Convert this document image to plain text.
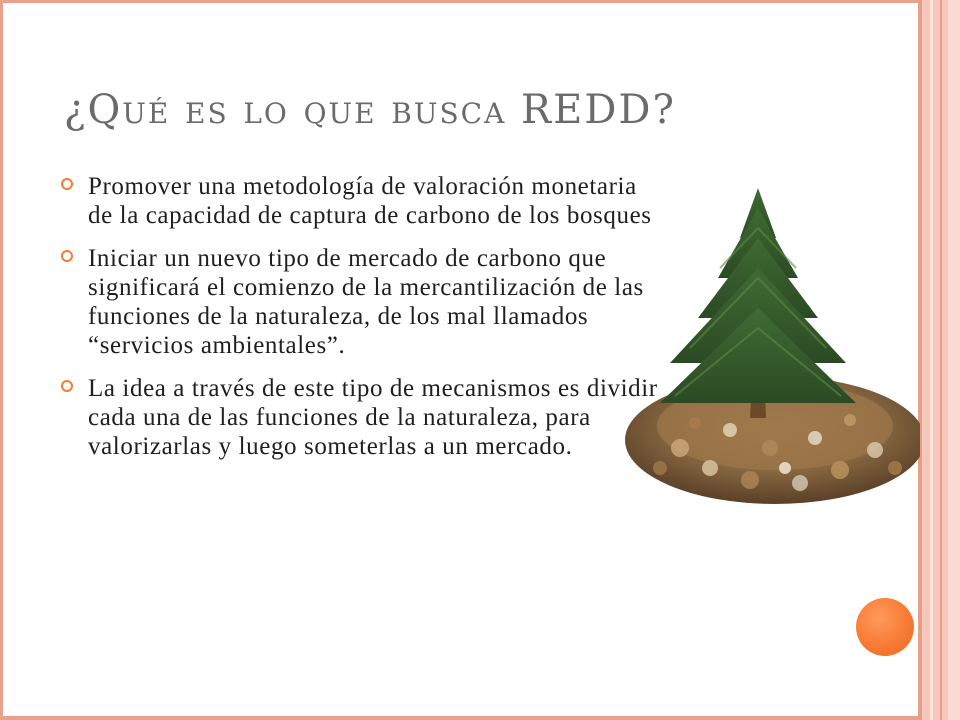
¿Qué es lo que busca REDD?
Promover una metodología de valoración monetaria de la capacidad de captura de carbono de los bosques
Iniciar un nuevo tipo de mercado de carbono que significará el comienzo de la mercantilización de las funciones de la naturaleza, de los mal llamados “servicios ambientales”.
La idea a través de este tipo de mecanismos es dividir cada una de las funciones de la naturaleza, para valorizarlas y luego someterlas a un mercado.
